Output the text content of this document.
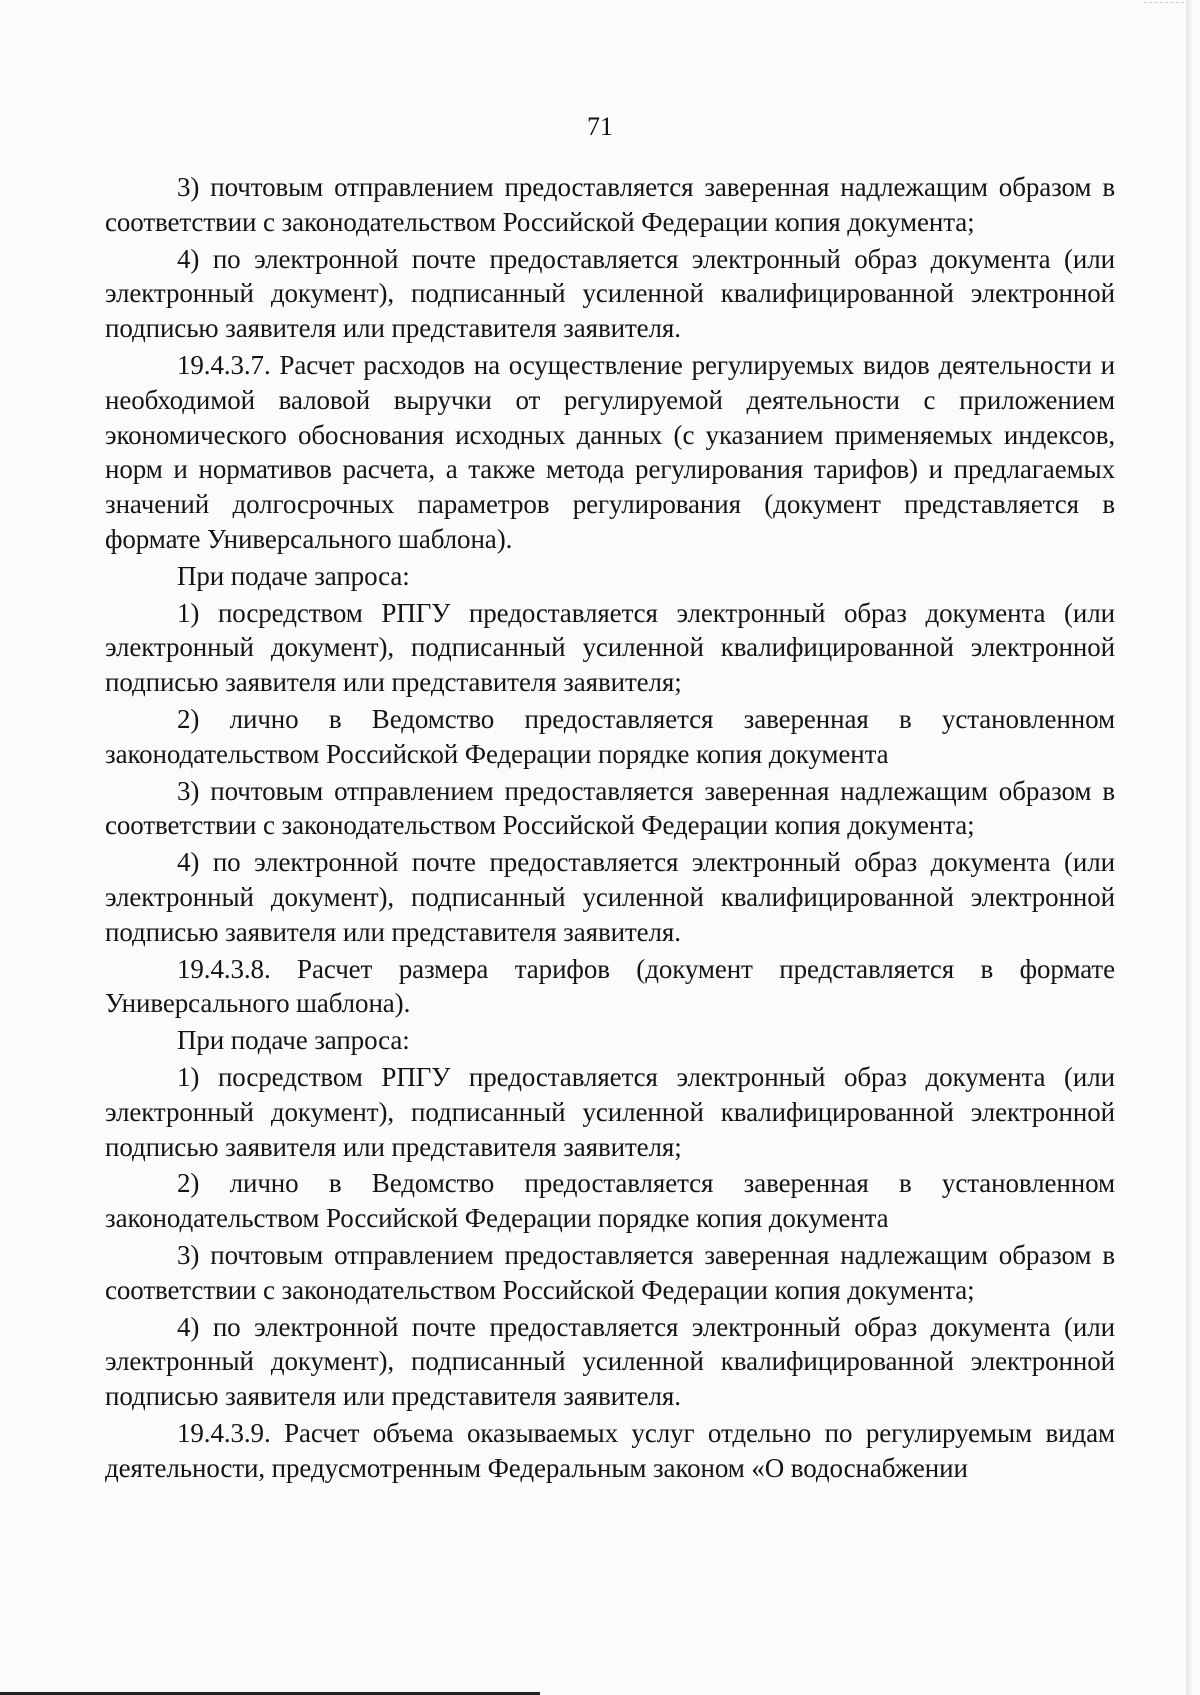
71

3) почтовым отправлением предоставляется заверенная надлежащим образом в соответствии с законодательством Российской Федерации копия документа;

4) по электронной почте предоставляется электронный образ документа (или электронный документ), подписанный усиленной квалифицированной электронной подписью заявителя или представителя заявителя.

19.4.3.7. Расчет расходов на осуществление регулируемых видов деятельности и необходимой валовой выручки от регулируемой деятельности с приложением экономического обоснования исходных данных (с указанием применяемых индексов, норм и нормативов расчета, а также метода регулирования тарифов) и предлагаемых значений долгосрочных параметров регулирования (документ представляется в формате Универсального шаблона).

При подаче запроса:

1) посредством РПГУ предоставляется электронный образ документа (или электронный документ), подписанный усиленной квалифицированной электронной подписью заявителя или представителя заявителя;

2) лично в Ведомство предоставляется заверенная в установленном законодательством Российской Федерации порядке копия документа

3) почтовым отправлением предоставляется заверенная надлежащим образом в соответствии с законодательством Российской Федерации копия документа;

4) по электронной почте предоставляется электронный образ документа (или электронный документ), подписанный усиленной квалифицированной электронной подписью заявителя или представителя заявителя.

19.4.3.8. Расчет размера тарифов (документ представляется в формате Универсального шаблона).

При подаче запроса:

1) посредством РПГУ предоставляется электронный образ документа (или электронный документ), подписанный усиленной квалифицированной электронной подписью заявителя или представителя заявителя;

2) лично в Ведомство предоставляется заверенная в установленном законодательством Российской Федерации порядке копия документа

3) почтовым отправлением предоставляется заверенная надлежащим образом в соответствии с законодательством Российской Федерации копия документа;

4) по электронной почте предоставляется электронный образ документа (или электронный документ), подписанный усиленной квалифицированной электронной подписью заявителя или представителя заявителя.

19.4.3.9. Расчет объема оказываемых услуг отдельно по регулируемым видам деятельности, предусмотренным Федеральным законом «О водоснабжении
